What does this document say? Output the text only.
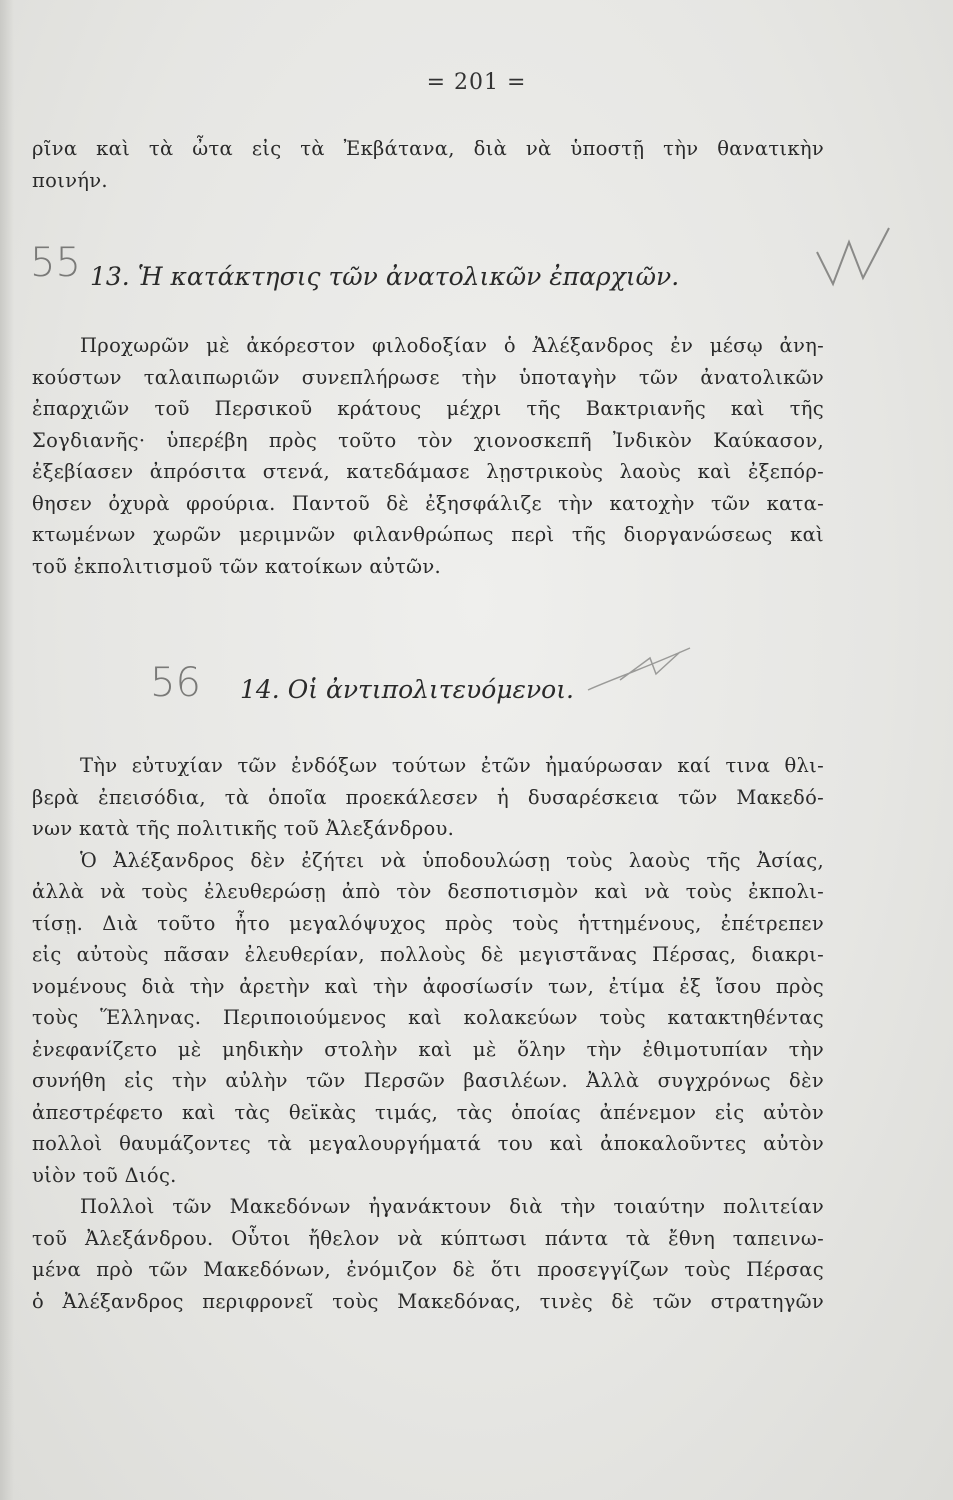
= 201 =
ρῖνα καὶ τὰ ὦτα εἰς τὰ Ἐκβάτανα, διὰ νὰ ὑποστῇ τὴν θανατικὴν
ποινήν.
55 13. Ἡ κατάκτησις τῶν ἀνατολικῶν ἐπαρχιῶν.
Προχωρῶν μὲ ἀκόρεστον φιλοδοξίαν ὁ Ἀλέξανδρος ἐν μέσῳ ἀνη-
κούστων ταλαιπωριῶν συνεπλήρωσε τὴν ὑποταγὴν τῶν ἀνατολικῶν
ἐπαρχιῶν τοῦ Περσικοῦ κράτους μέχρι τῆς Βακτριανῆς καὶ τῆς
Σογδιανῆς· ὑπερέβη πρὸς τοῦτο τὸν χιονοσκεπῆ Ἰνδικὸν Καύκασον,
ἐξεβίασεν ἀπρόσιτα στενά, κατεδάμασε λῃστρικοὺς λαοὺς καὶ ἐξεπόρ-
θησεν ὀχυρὰ φρούρια. Παντοῦ δὲ ἐξησφάλιζε τὴν κατοχὴν τῶν κατα-
κτωμένων χωρῶν μεριμνῶν φιλανθρώπως περὶ τῆς διοργανώσεως καὶ
τοῦ ἐκπολιτισμοῦ τῶν κατοίκων αὐτῶν.
56 14. Οἱ ἀντιπολιτευόμενοι.
Τὴν εὐτυχίαν τῶν ἐνδόξων τούτων ἐτῶν ἠμαύρωσαν καί τινα θλι-
βερὰ ἐπεισόδια, τὰ ὁποῖα προεκάλεσεν ἡ δυσαρέσκεια τῶν Μακεδό-
νων κατὰ τῆς πολιτικῆς τοῦ Ἀλεξάνδρου.
Ὁ Ἀλέξανδρος δὲν ἐζήτει νὰ ὑποδουλώσῃ τοὺς λαοὺς τῆς Ἀσίας,
ἀλλὰ νὰ τοὺς ἐλευθερώσῃ ἀπὸ τὸν δεσποτισμὸν καὶ νὰ τοὺς ἐκπολι-
τίσῃ. Διὰ τοῦτο ἦτο μεγαλόψυχος πρὸς τοὺς ἡττημένους, ἐπέτρεπεν
εἰς αὐτοὺς πᾶσαν ἐλευθερίαν, πολλοὺς δὲ μεγιστᾶνας Πέρσας, διακρι-
νομένους διὰ τὴν ἀρετὴν καὶ τὴν ἀφοσίωσίν των, ἐτίμα ἐξ ἴσου πρὸς
τοὺς Ἕλληνας. Περιποιούμενος καὶ κολακεύων τοὺς κατακτηθέντας
ἐνεφανίζετο μὲ μηδικὴν στολὴν καὶ μὲ ὅλην τὴν ἐθιμοτυπίαν τὴν
συνήθη εἰς τὴν αὐλὴν τῶν Περσῶν βασιλέων. Ἀλλὰ συγχρόνως δὲν
ἀπεστρέφετο καὶ τὰς θεϊκὰς τιμάς, τὰς ὁποίας ἀπένεμον εἰς αὐτὸν
πολλοὶ θαυμάζοντες τὰ μεγαλουργήματά του καὶ ἀποκαλοῦντες αὐτὸν
υἱὸν τοῦ Διός.
Πολλοὶ τῶν Μακεδόνων ἠγανάκτουν διὰ τὴν τοιαύτην πολιτείαν
τοῦ Ἀλεξάνδρου. Οὗτοι ἤθελον νὰ κύπτωσι πάντα τὰ ἔθνη ταπεινω-
μένα πρὸ τῶν Μακεδόνων, ἐνόμιζον δὲ ὅτι προσεγγίζων τοὺς Πέρσας
ὁ Ἀλέξανδρος περιφρονεῖ τοὺς Μακεδόνας, τινὲς δὲ τῶν στρατηγῶν
